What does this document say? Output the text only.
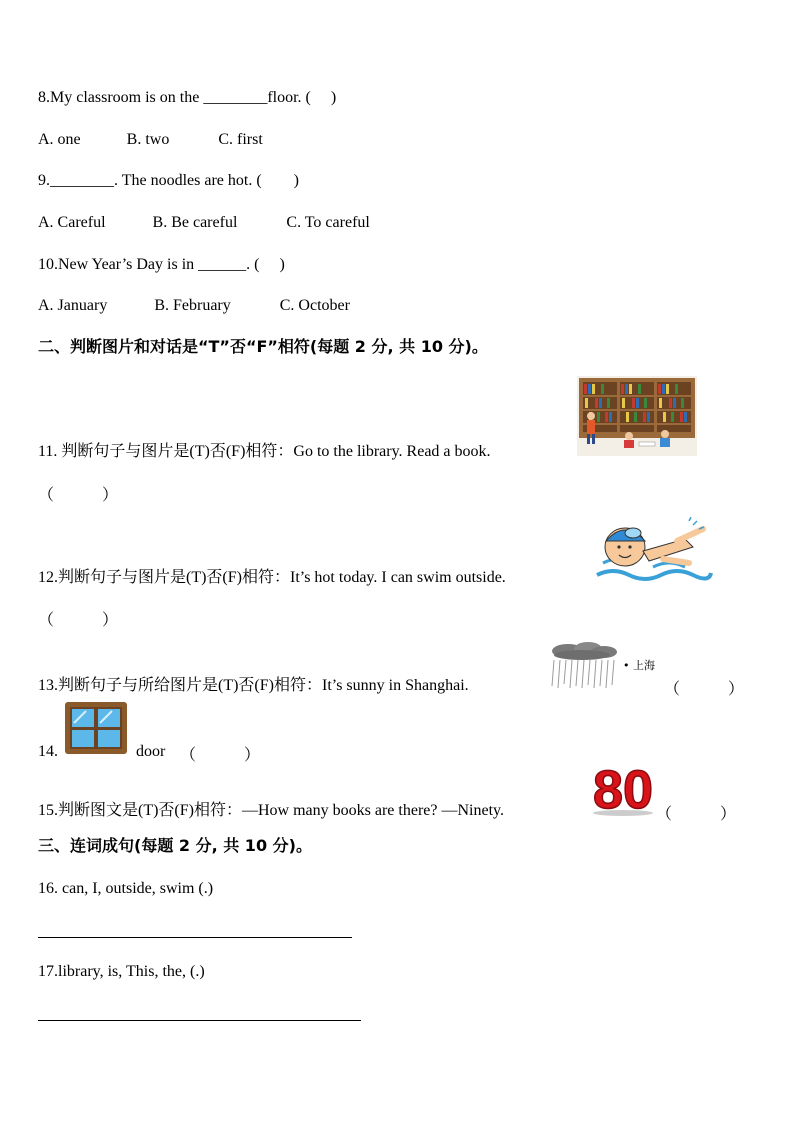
8.My classroom is on the ________floor. (　 )
A. one	B. two	C. first
9.________. The noodles are hot. (　　)
A. Careful	B. Be careful	C. To careful
10.New Year’s Day is in ______. (　 )
A. January	B. February	C. October
二、判断图片和对话是“T”否“F”相符(每题 2 分, 共 10 分)。
11. 判断句子与图片是(T)否(F)相符：Go to the library. Read a book.
（　　　）
12.判断句子与图片是(T)否(F)相符：It’s hot today. I can swim outside.
（　　　）
• 上海
13.判断句子与所给图片是(T)否(F)相符：It’s sunny in Shanghai.	（　　　）
14.	door （　　　）
15.判断图文是(T)否(F)相符：—How many books are there? —Ninety. 80 （　　　）
三、连词成句(每题 2 分, 共 10 分)。
16. can, I, outside, swim (.)
17.library, is, This, the, (.)
